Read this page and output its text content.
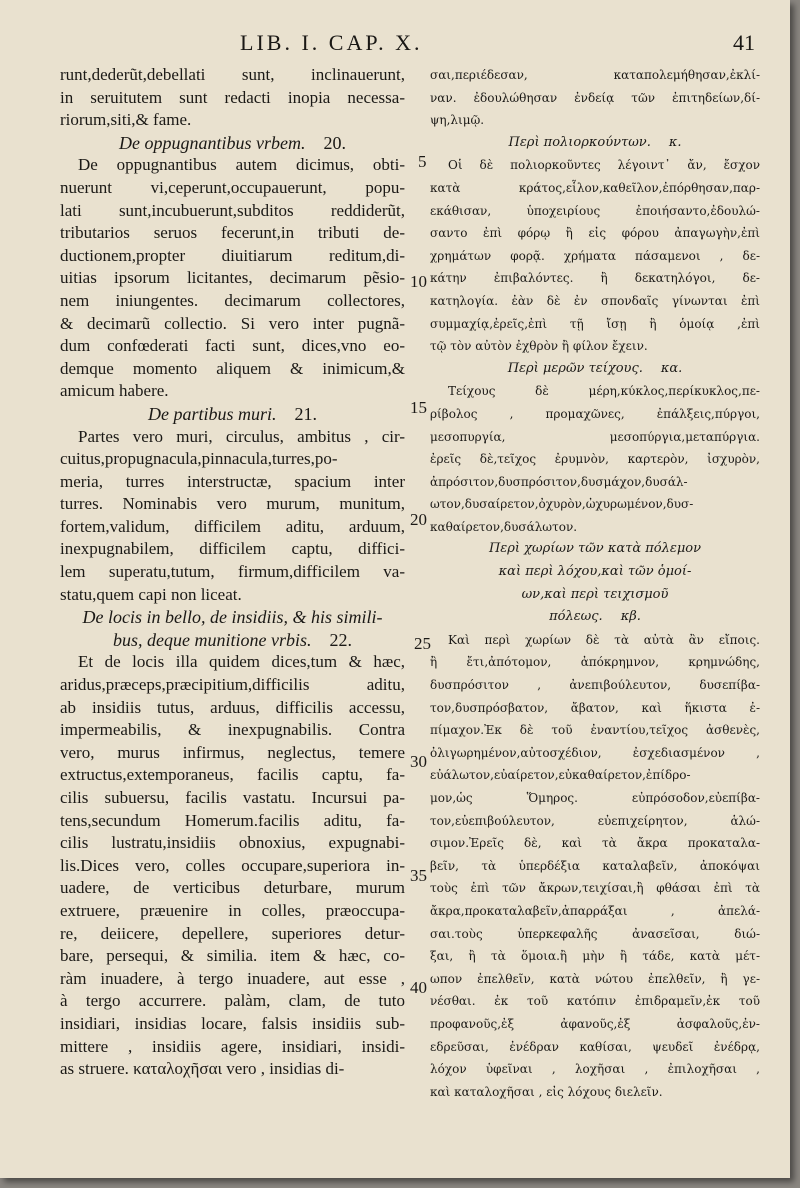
LIB. I. CAP. X.	41
runt,dederũt,debellati sunt, inclinauerunt,
in seruitutem sunt redacti inopia necessa-
riorum,siti,& fame.
De oppugnantibus vrbem. 20.
De oppugnantibus autem dicimus, obti-
nuerunt vi,ceperunt,occupauerunt, popu-
lati sunt,incubuerunt,subditos reddiderũt,
tributarios seruos fecerunt,in tributi de-
ductionem,propter diuitiarum reditum,di-
uitias ipsorum licitantes, decimarum pẽsio-
nem iniungentes. decimarum collectores,
& decimarũ collectio. Si vero inter pugnã-
dum confœderati facti sunt, dices,vno eo-
demque momento aliquem & inimicum,&
amicum habere.
De partibus muri. 21.
Partes vero muri, circulus, ambitus , cir-
cuitus,propugnacula,pinnacula,turres,po-
meria, turres interstructæ, spacium inter
turres. Nominabis vero murum, munitum,
fortem,validum, difficilem aditu, arduum,
inexpugnabilem, difficilem captu, diffici-
lem superatu,tutum, firmum,difficilem va-
statu,quem capi non liceat.
De locis in bello, de insidiis, & his simili-
bus, deque munitione vrbis. 22.
Et de locis illa quidem dices,tum & hæc,
aridus,præceps,præcipitium,difficilis aditu,
ab insidiis tutus, arduus, difficilis accessu,
impermeabilis, & inexpugnabilis. Contra
vero, murus infirmus, neglectus, temere
extructus,extemporaneus, facilis captu, fa-
cilis subuersu, facilis vastatu. Incursui pa-
tens,secundum Homerum.facilis aditu, fa-
cilis lustratu,insidiis obnoxius, expugnabi-
lis.Dices vero, colles occupare,superiora in-
uadere, de verticibus deturbare, murum
extruere, præuenire in colles, præoccupa-
re, deiicere, depellere, superiores detur-
bare, persequi, & similia. item & hæc, co-
ràm inuadere, à tergo inuadere, aut esse ,
à tergo accurrere. palàm, clam, de tuto
insidiari, insidias locare, falsis insidiis sub-
mittere , insidiis agere, insidiari, insidi-
as struere. καταλοχῆσαι vero , insidias di-
σαι,περιέδεσαν, καταπολεμήθησαν,ἐκλί-
ναν. ἐδουλώθησαν ἐνδείᾳ τῶν ἐπιτηδείων,δί-
ψη,λιμῷ.
Περὶ πολιορκούντων. κ.
Οἱ δὲ πολιορκοῦντες λέγοιντ᾽ ἄν, ἔσχον
κατὰ κράτος,εἷλον,καθεῖλον,ἐπόρθησαν,παρ-
εκάθισαν, ὑποχειρίους ἐποιήσαντο,ἐδουλώ-
σαντο ἐπὶ φόρῳ ἢ εἰς φόρου ἀπαγωγὴν,ἐπὶ
χρημάτων φορᾷ. χρήματα πάσαμενοι , δε-
κάτην ἐπιβαλόντες. ἢ δεκατηλόγοι, δε-
κατηλογία. ἐὰν δὲ ἐν σπονδαῖς γίνωνται ἐπὶ
συμμαχίᾳ,ἐρεῖς,ἐπὶ τῇ ἴσῃ ἢ ὁμοίᾳ ,ἐπὶ
τῷ τὸν αὐτὸν ἐχθρὸν ἢ φίλον ἔχειν.
Περὶ μερῶν τείχους. κα.
Τείχους δὲ μέρη,κύκλος,περίκυκλος,πε-
ρίβολος , προμαχῶνες, ἐπάλξεις,πύργοι,
μεσοπυργία, μεσοπύργια,μεταπύργια.
ἐρεῖς δὲ,τεῖχος ἐρυμνὸν, καρτερὸν, ἰσχυρὸν,
ἀπρόσιτον,δυσπρόσιτον,δυσμάχον,δυσάλ-
ωτον,δυσαίρετον,ὀχυρὸν,ὠχυρωμένον,δυσ-
καθαίρετον,δυσάλωτον.
Περὶ χωρίων τῶν κατὰ πόλεμον
καὶ περὶ λόχου,καὶ τῶν ὁμοί-
ων,καὶ περὶ τειχισμοῦ
πόλεως. κβ.
Καὶ περὶ χωρίων δὲ τὰ αὐτὰ ἂν εἴποις.
ἢ ἔτι,ἀπότομον, ἀπόκρημνον, κρημνώδης,
δυσπρόσιτον , ἀνεπιβούλευτον, δυσεπίβα-
τον,δυσπρόσβατον, ἄβατον, καὶ ἥκιστα ἐ-
πίμαχον.Ἐκ δὲ τοῦ ἐναντίου,τεῖχος ἀσθενὲς,
ὀλιγωρημένον,αὐτοσχέδιον, ἐσχεδιασμένον ,
εὐάλωτον,εὐαίρετον,εὐκαθαίρετον,ἐπίδρο-
μον,ὡς Ὅμηρος. εὐπρόσοδον,εὐεπίβα-
τον,εὐεπιβούλευτον, εὐεπιχείρητον, ἁλώ-
σιμον.Ἐρεῖς δὲ, καὶ τὰ ἄκρα προκαταλα-
βεῖν, τὰ ὑπερδέξια καταλαβεῖν, ἀποκόψαι
τοὺς ἐπὶ τῶν ἄκρων,τειχίσαι,ἢ φθάσαι ἐπὶ τὰ
ἄκρα,προκαταλαβεῖν,ἀπαρράξαι , ἀπελά-
σαι.τοὺς ὑπερκεφαλῆς ἀνασεῖσαι, διώ-
ξαι, ἢ τὰ ὅμοια.ἢ μὴν ἢ τάδε, κατὰ μέτ-
ωπον ἐπελθεῖν, κατὰ νώτου ἐπελθεῖν, ἢ γε-
νέσθαι. ἐκ τοῦ κατόπιν ἐπιδραμεῖν,ἐκ τοῦ
προφανοῦς,ἐξ ἀφανοῦς,ἐξ ἀσφαλοῦς,ἐν-
εδρεῦσαι, ἐνέδραν καθίσαι, ψευδεῖ ἐνέδρᾳ,
λόχον ὑφεῖναι , λοχῆσαι , ἐπιλοχῆσαι ,
καὶ καταλοχῆσαι , εἰς λόχους διελεῖν.
5
10
15
20
25
30
35
40
